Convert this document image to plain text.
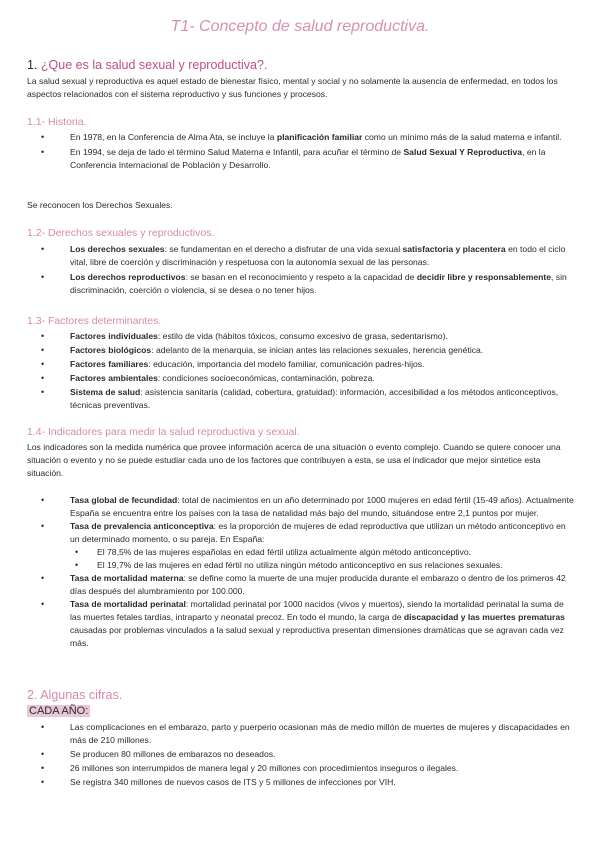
T1- Concepto de salud reproductiva.
1. ¿Que es la salud sexual y reproductiva?.
La salud sexual y reproductiva es aquel estado de bienestar físico, mental y social y no solamente la ausencia de enfermedad, en todos los aspectos relacionados con el sistema reproductivo y sus funciones y procesos.
1.1- Historia.
•	En 1978, en la Conferencia de Alma Ata, se incluye la planificación familiar como un mínimo más de la salud materna e infantil.
•	En 1994, se deja de lado el término Salud Materna e Infantil, para acuñar el término de Salud Sexual Y Reproductiva, en la Conferencia Internacional de Población y Desarrollo.
Se reconocen los Derechos Sexuales.
1.2- Derechos sexuales y reproductivos.
•	Los derechos sexuales: se fundamentan en el derecho a disfrutar de una vida sexual satisfactoria y placentera en todo el ciclo vital, libre de coerción y discriminación y respetuosa con la autonomía sexual de las personas.
•	Los derechos reproductivos: se basan en el reconocimiento y respeto a la capacidad de decidir libre y responsablemente, sin discriminación, coerción o violencia, si se desea o no tener hijos.
1.3- Factores determinantes.
•	Factores individuales: estilo de vida (hábitos tóxicos, consumo excesivo de grasa, sedentarismo).
•	Factores biológicos: adelanto de la menarquia, se inician antes las relaciones sexuales, herencia genética.
•	Factores familiares: educación, importancia del modelo familiar, comunicación padres-hijos.
•	Factores ambientales: condiciones socioeconómicas, contaminación, pobreza.
•	Sistema de salud: asistencia sanitaria (calidad, cobertura, gratuidad): información, accesibilidad a los métodos anticonceptivos, técnicas preventivas.
1.4- Indicadores para medir la salud reproductiva y sexual.
Los indicadores son la medida numérica que provee información acerca de una situación o evento complejo. Cuando se quiere conocer una situación o evento y no se puede estudiar cada uno de los factores que contribuyen a esta, se usa el indicador que mejor sintetice esta situación.
•	Tasa global de fecundidad: total de nacimientos en un año determinado por 1000 mujeres en edad fértil (15-49 años). Actualmente España se encuentra entre los países con la tasa de natalidad más bajo del mundo, situándose entre 2,1 puntos por mujer.
•	Tasa de prevalencia anticonceptiva: es la proporción de mujeres de edad reproductiva que utilizan un método anticonceptivo en un determinado momento, o su pareja. En España:
• El 78,5% de las mujeres españolas en edad fértil utiliza actualmente algún método anticonceptivo.
• El 19,7% de las mujeres en edad fértil no utiliza ningún método anticonceptivo en sus relaciones sexuales.
•	Tasa de mortalidad materna: se define como la muerte de una mujer producida durante el embarazo o dentro de los primeros 42 días después del alumbramiento por 100.000.
•	Tasa de mortalidad perinatal: mortalidad perinatal por 1000 nacidos (vivos y muertos), siendo la mortalidad perinatal la suma de las muertes fetales tardías, intraparto y neonatal precoz. En todo el mundo, la carga de discapacidad y las muertes prematuras causadas por problemas vinculados a la salud sexual y reproductiva presentan dimensiones dramáticas que se agravan cada vez más.
2. Algunas cifras.
CADA AÑO:
•	Las complicaciones en el embarazo, parto y puerperio ocasionan más de medio millón de muertes de mujeres y discapacidades en más de 210 millones.
•	Se producen 80 millones de embarazos no deseados.
•	26 millones son interrumpidos de manera legal y 20 millones con procedimientos inseguros o ilegales.
•	Se registra 340 millones de nuevos casos de ITS y 5 millones de infecciones por VIH.
